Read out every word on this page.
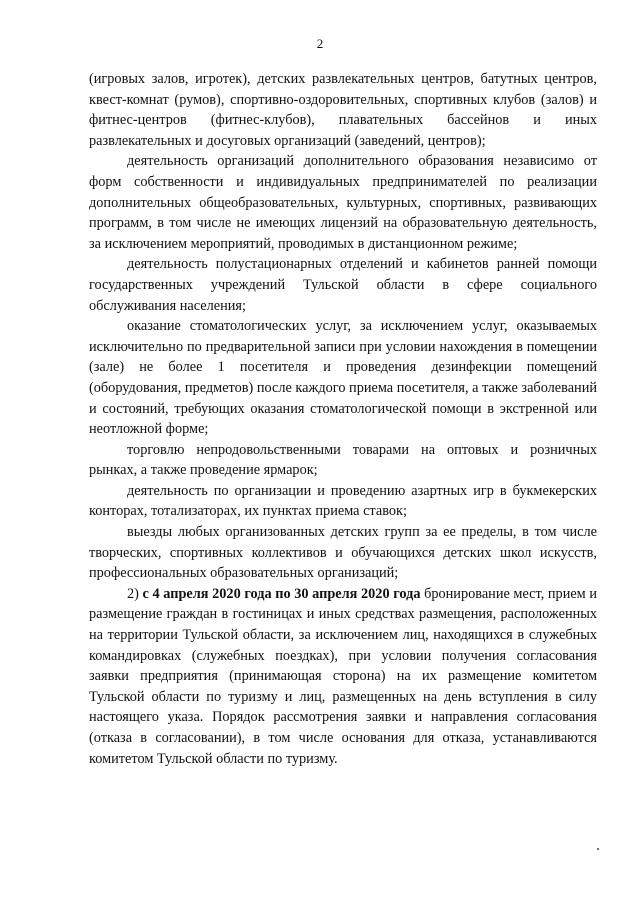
2

(игровых залов, игротек), детских развлекательных центров, батутных центров, квест-комнат (румов), спортивно-оздоровительных, спортивных клубов (залов) и фитнес-центров (фитнес-клубов), плавательных бассейнов и иных развлекательных и досуговых организаций (заведений, центров);

деятельность организаций дополнительного образования независимо от форм собственности и индивидуальных предпринимателей по реализации дополнительных общеобразовательных, культурных, спортивных, развивающих программ, в том числе не имеющих лицензий на образовательную деятельность, за исключением мероприятий, проводимых в дистанционном режиме;

деятельность полустационарных отделений и кабинетов ранней помощи государственных учреждений Тульской области в сфере социального обслуживания населения;

оказание стоматологических услуг, за исключением услуг, оказываемых исключительно по предварительной записи при условии нахождения в помещении (зале) не более 1 посетителя и проведения дезинфекции помещений (оборудования, предметов) после каждого приема посетителя, а также заболеваний и состояний, требующих оказания стоматологической помощи в экстренной или неотложной форме;

торговлю непродовольственными товарами на оптовых и розничных рынках, а также проведение ярмарок;

деятельность по организации и проведению азартных игр в букмекерских конторах, тотализаторах, их пунктах приема ставок;

выезды любых организованных детских групп за ее пределы, в том числе творческих, спортивных коллективов и обучающихся детских школ искусств, профессиональных образовательных организаций;

2) с 4 апреля 2020 года по 30 апреля 2020 года бронирование мест, прием и размещение граждан в гостиницах и иных средствах размещения, расположенных на территории Тульской области, за исключением лиц, находящихся в служебных командировках (служебных поездках), при условии получения согласования заявки предприятия (принимающая сторона) на их размещение комитетом Тульской области по туризму и лиц, размещенных на день вступления в силу настоящего указа. Порядок рассмотрения заявки и направления согласования (отказа в согласовании), в том числе основания для отказа, устанавливаются комитетом Тульской области по туризму.
